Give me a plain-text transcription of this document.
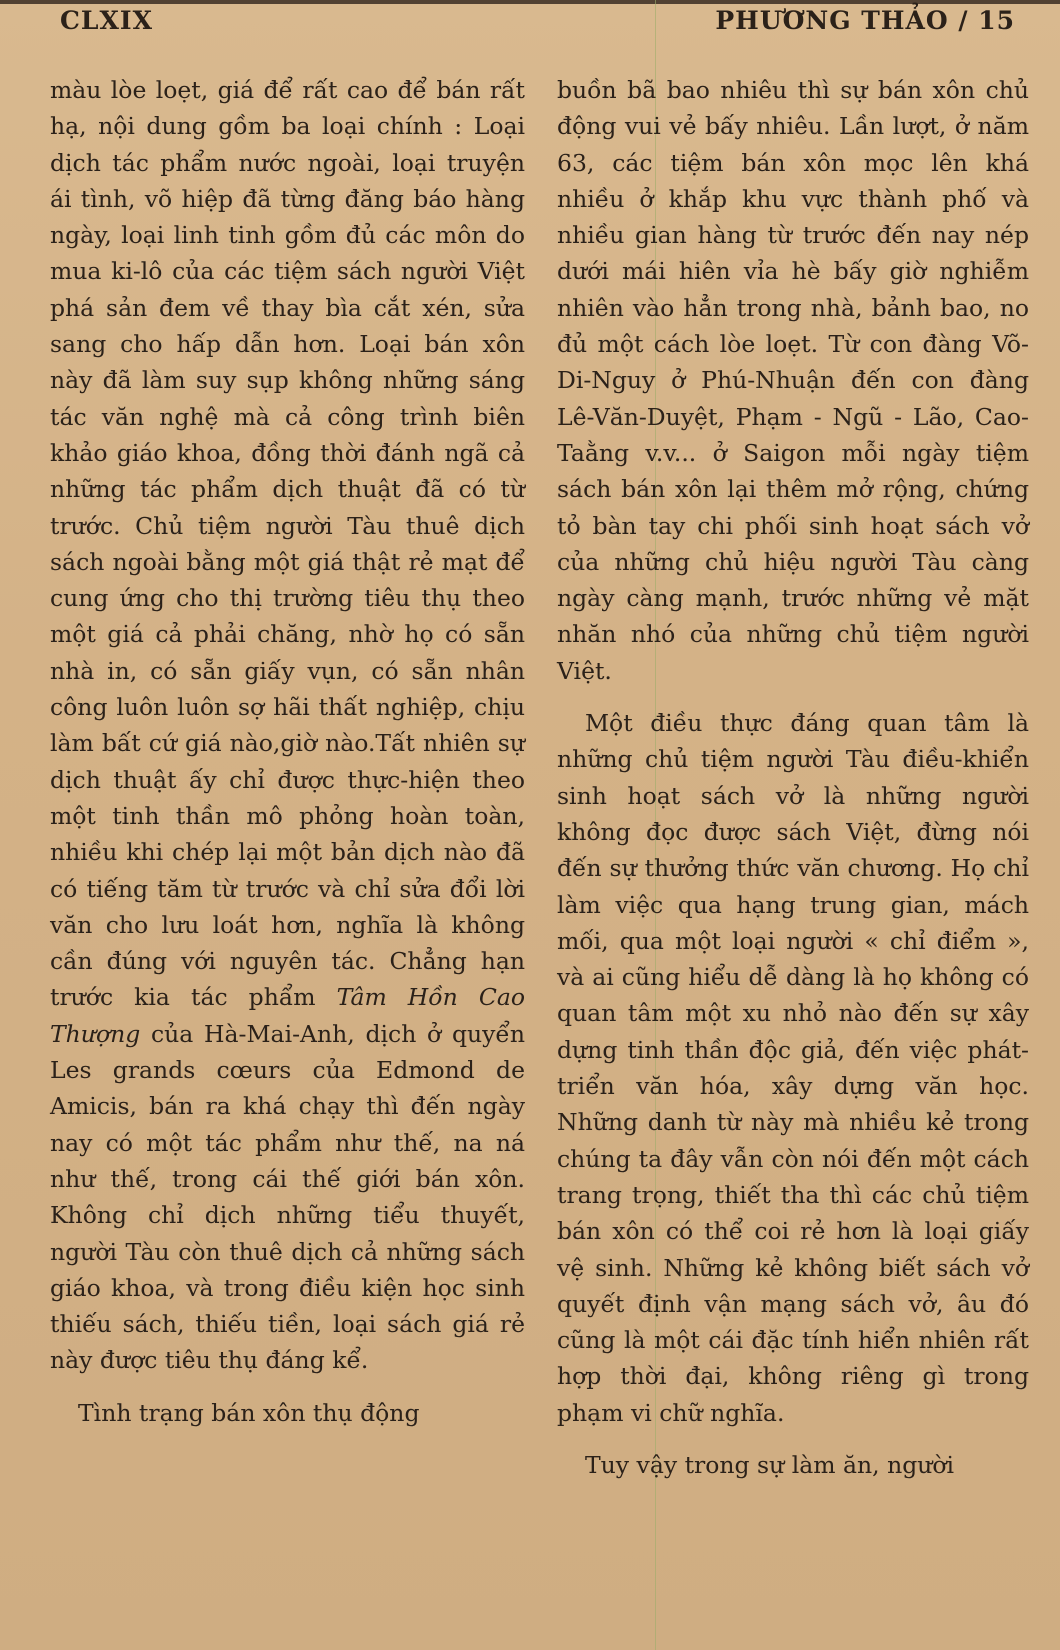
CLXIX	PHƯƠNG THẢO / 15

màu lòe loẹt, giá để rất cao để bán rất hạ, nội dung gồm ba loại chính : Loại dịch tác phẩm nước ngoài, loại truyện ái tình, võ hiệp đã từng đăng báo hàng ngày, loại linh tinh gồm đủ các môn do mua ki-lô của các tiệm sách người Việt phá sản đem về thay bìa cắt xén, sửa sang cho hấp dẫn hơn. Loại bán xôn này đã làm suy sụp không những sáng tác văn nghệ mà cả công trình biên khảo giáo khoa, đồng thời đánh ngã cả những tác phẩm dịch thuật đã có từ trước. Chủ tiệm người Tàu thuê dịch sách ngoài bằng một giá thật rẻ mạt để cung ứng cho thị trường tiêu thụ theo một giá cả phải chăng, nhờ họ có sẵn nhà in, có sẵn giấy vụn, có sẵn nhân công luôn luôn sợ hãi thất nghiệp, chịu làm bất cứ giá nào,giờ nào.Tất nhiên sự dịch thuật ấy chỉ được thực-hiện theo một tinh thần mô phỏng hoàn toàn, nhiều khi chép lại một bản dịch nào đã có tiếng tăm từ trước và chỉ sửa đổi lời văn cho lưu loát hơn, nghĩa là không cần đúng với nguyên tác. Chẳng hạn trước kia tác phẩm Tâm Hồn Cao Thượng của Hà-Mai-Anh, dịch ở quyển Les grands cœurs của Edmond de Amicis, bán ra khá chạy thì đến ngày nay có một tác phẩm như thế, na ná như thế, trong cái thế giới bán xôn. Không chỉ dịch những tiểu thuyết, người Tàu còn thuê dịch cả những sách giáo khoa, và trong điều kiện học sinh thiếu sách, thiếu tiền, loại sách giá rẻ này được tiêu thụ đáng kể.

Tình trạng bán xôn thụ động

buồn bã bao nhiêu thì sự bán xôn chủ động vui vẻ bấy nhiêu. Lần lượt, ở năm 63, các tiệm bán xôn mọc lên khá nhiều ở khắp khu vực thành phố và nhiều gian hàng từ trước đến nay nép dưới mái hiên vỉa hè bấy giờ nghiễm nhiên vào hẳn trong nhà, bảnh bao, no đủ một cách lòe loẹt. Từ con đàng Võ-Di-Nguy ở Phú-Nhuận đến con đàng Lê-Văn-Duyệt, Phạm - Ngũ - Lão, Cao-Taằng v.v... ở Saigon mỗi ngày tiệm sách bán xôn lại thêm mở rộng, chứng tỏ bàn tay chi phối sinh hoạt sách vở của những chủ hiệu người Tàu càng ngày càng mạnh, trước những vẻ mặt nhăn nhó của những chủ tiệm người Việt.

Một điều thực đáng quan tâm là những chủ tiệm người Tàu điều-khiển sinh hoạt sách vở là những người không đọc được sách Việt, đừng nói đến sự thưởng thức văn chương. Họ chỉ làm việc qua hạng trung gian, mách mối, qua một loại người « chỉ điểm », và ai cũng hiểu dễ dàng là họ không có quan tâm một xu nhỏ nào đến sự xây dựng tinh thần độc giả, đến việc phát-triển văn hóa, xây dựng văn học. Những danh từ này mà nhiều kẻ trong chúng ta đây vẫn còn nói đến một cách trang trọng, thiết tha thì các chủ tiệm bán xôn có thể coi rẻ hơn là loại giấy vệ sinh. Những kẻ không biết sách vở quyết định vận mạng sách vở, âu đó cũng là một cái đặc tính hiển nhiên rất hợp thời đại, không riêng gì trong phạm vi chữ nghĩa.

Tuy vậy trong sự làm ăn, người
